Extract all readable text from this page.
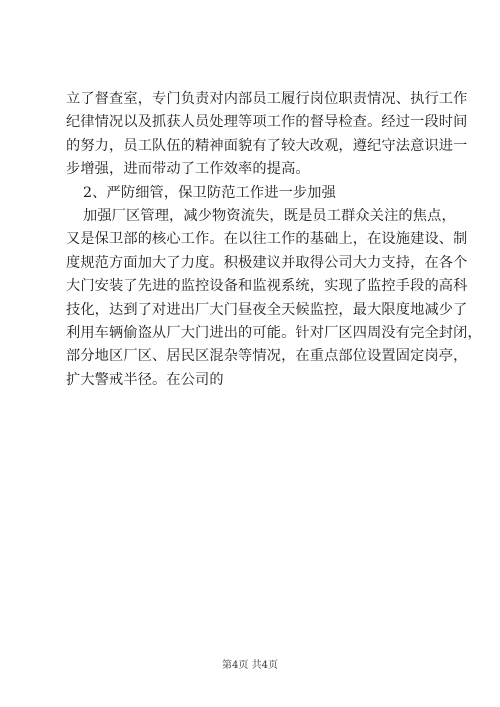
立了督查室，专门负责对内部员工履行岗位职责情况、执行工作
纪律情况以及抓获人员处理等项工作的督导检查。经过一段时间
的努力，员工队伍的精神面貌有了较大改观，遵纪守法意识进一
步增强，进而带动了工作效率的提高。
2、严防细管，保卫防范工作进一步加强
加强厂区管理，减少物资流失，既是员工群众关注的焦点，
又是保卫部的核心工作。在以往工作的基础上，在设施建设、制
度规范方面加大了力度。积极建议并取得公司大力支持，在各个
大门安装了先进的监控设备和监视系统，实现了监控手段的高科
技化，达到了对进出厂大门昼夜全天候监控，最大限度地减少了
利用车辆偷盗从厂大门进出的可能。针对厂区四周没有完全封闭，
部分地区厂区、居民区混杂等情况，在重点部位设置固定岗亭，
扩大警戒半径。在公司的
第4页 共4页
